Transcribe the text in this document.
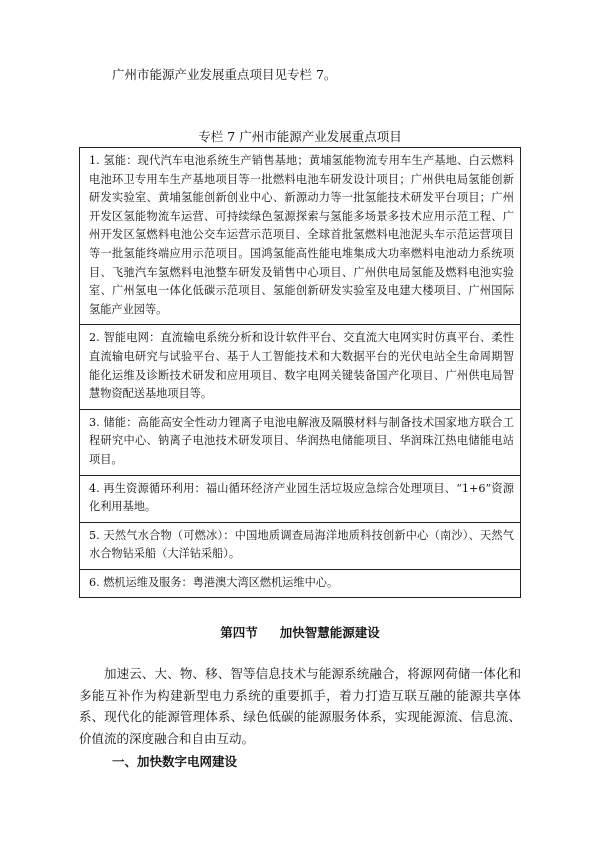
广州市能源产业发展重点项目见专栏 7。

专栏 7 广州市能源产业发展重点项目

1. 氢能：现代汽车电池系统生产销售基地；黄埔氢能物流专用车生产基地、白云燃料电池环卫专用车生产基地项目等一批燃料电池车研发设计项目；广州供电局氢能创新研发实验室、黄埔氢能创新创业中心、新源动力等一批氢能技术研发平台项目；广州开发区氢能物流车运营、可持续绿色氢源探索与氢能多场景多技术应用示范工程、广州开发区氢燃料电池公交车运营示范项目、全球首批氢燃料电池泥头车示范运营项目等一批氢能终端应用示范项目。国鸿氢能高性能电堆集成大功率燃料电池动力系统项目、飞驰汽车氢燃料电池整车研发及销售中心项目、广州供电局氢能及燃料电池实验室、广州氢电一体化低碳示范项目、氢能创新研发实验室及电建大楼项目、广州国际氢能产业园等。
2. 智能电网：直流输电系统分析和设计软件平台、交直流大电网实时仿真平台、柔性直流输电研究与试验平台、基于人工智能技术和大数据平台的光伏电站全生命周期智能化运维及诊断技术研发和应用项目、数字电网关键装备国产化项目、广州供电局智慧物资配送基地项目等。
3. 储能：高能高安全性动力锂离子电池电解液及隔膜材料与制备技术国家地方联合工程研究中心、钠离子电池技术研发项目、华润热电储能项目、华润珠江热电储能电站项目。
4. 再生资源循环利用：福山循环经济产业园生活垃圾应急综合处理项目、“1+6”资源化利用基地。
5. 天然气水合物（可燃冰）：中国地质调查局海洋地质科技创新中心（南沙）、天然气水合物钻采船（大洋钻采船）。
6. 燃机运维及服务：粤港澳大湾区燃机运维中心。

第四节 加快智慧能源建设

加速云、大、物、移、智等信息技术与能源系统融合，将源网荷储一体化和多能互补作为构建新型电力系统的重要抓手，着力打造互联互融的能源共享体系、现代化的能源管理体系、绿色低碳的能源服务体系，实现能源流、信息流、价值流的深度融合和自由互动。

一、加快数字电网建设
